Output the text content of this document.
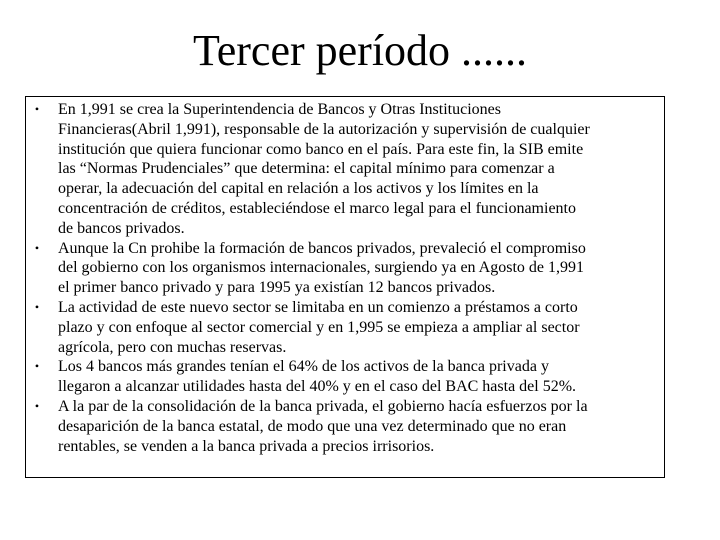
Tercer período ......
• En 1,991 se crea la Superintendencia de Bancos y Otras Instituciones
Financieras(Abril 1,991), responsable de la autorización y supervisión de cualquier
institución que quiera funcionar como banco en el país. Para este fin, la SIB emite
las “Normas Prudenciales” que determina: el capital mínimo para comenzar a
operar, la adecuación del capital en relación a los activos y los límites en la
concentración de créditos, estableciéndose el marco legal para el funcionamiento
de bancos privados.
• Aunque la Cn prohibe la formación de bancos privados, prevaleció el compromiso
del gobierno con los organismos internacionales, surgiendo ya en Agosto de 1,991
el primer banco privado y para 1995 ya existían 12 bancos privados.
• La actividad de este nuevo sector se limitaba en un comienzo a préstamos a corto
plazo y con enfoque al sector comercial y en 1,995 se empieza a ampliar al sector
agrícola, pero con muchas reservas.
• Los 4 bancos más grandes tenían el 64% de los activos de la banca privada y
llegaron a alcanzar utilidades hasta del 40% y en el caso del BAC hasta del 52%.
• A la par de la consolidación de la banca privada, el gobierno hacía esfuerzos por la
desaparición de la banca estatal, de modo que una vez determinado que no eran
rentables, se venden a la banca privada a precios irrisorios.
